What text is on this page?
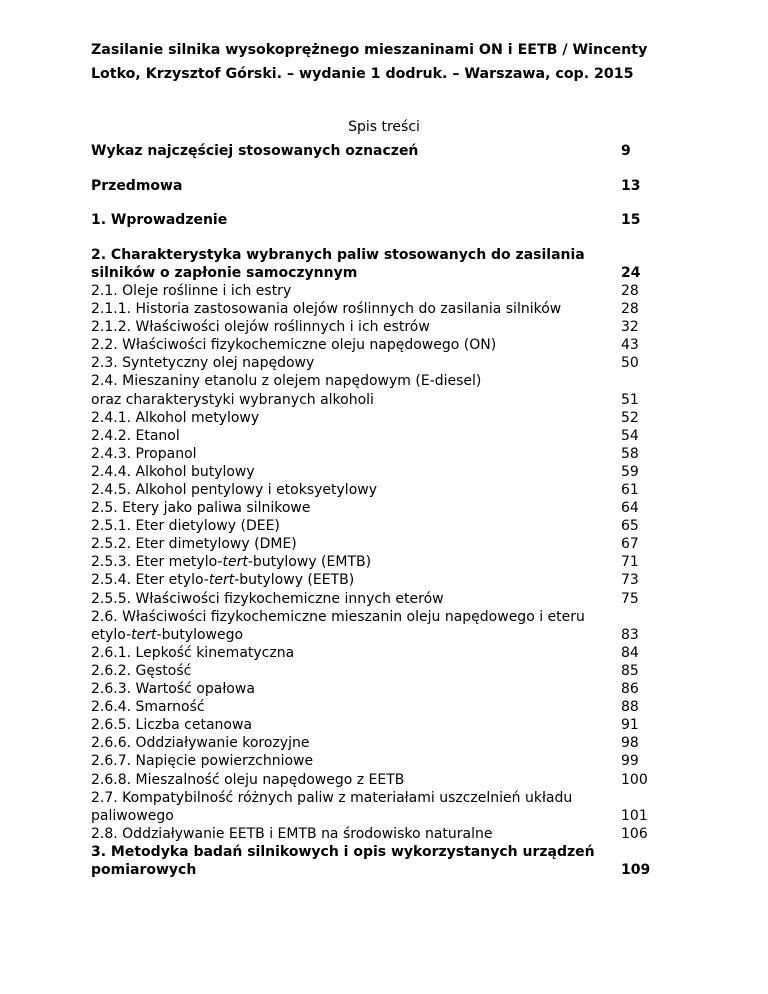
Zasilanie silnika wysokoprężnego mieszaninami ON i EETB / Wincenty
Lotko, Krzysztof Górski. – wydanie 1 dodruk. – Warszawa, cop. 2015
Spis treści
Wykaz najczęściej stosowanych oznaczeń	9
Przedmowa	13
1. Wprowadzenie	15
2. Charakterystyka wybranych paliw stosowanych do zasilania
silników o zapłonie samoczynnym	24
2.1. Oleje roślinne i ich estry	28
2.1.1. Historia zastosowania olejów roślinnych do zasilania silników	28
2.1.2. Właściwości olejów roślinnych i ich estrów	32
2.2. Właściwości fizykochemiczne oleju napędowego (ON)	43
2.3. Syntetyczny olej napędowy	50
2.4. Mieszaniny etanolu z olejem napędowym (E-diesel)
oraz charakterystyki wybranych alkoholi	51
2.4.1. Alkohol metylowy	52
2.4.2. Etanol	54
2.4.3. Propanol	58
2.4.4. Alkohol butylowy	59
2.4.5. Alkohol pentylowy i etoksyetylowy	61
2.5. Etery jako paliwa silnikowe	64
2.5.1. Eter dietylowy (DEE)	65
2.5.2. Eter dimetylowy (DME)	67
2.5.3. Eter metylo-tert-butylowy (EMTB)	71
2.5.4. Eter etylo-tert-butylowy (EETB)	73
2.5.5. Właściwości fizykochemiczne innych eterów	75
2.6. Właściwości fizykochemiczne mieszanin oleju napędowego i eteru
etylo-tert-butylowego	83
2.6.1. Lepkość kinematyczna	84
2.6.2. Gęstość	85
2.6.3. Wartość opałowa	86
2.6.4. Smarność	88
2.6.5. Liczba cetanowa	91
2.6.6. Oddziaływanie korozyjne	98
2.6.7. Napięcie powierzchniowe	99
2.6.8. Mieszalność oleju napędowego z EETB	100
2.7. Kompatybilność różnych paliw z materiałami uszczelnień układu
paliwowego	101
2.8. Oddziaływanie EETB i EMTB na środowisko naturalne	106
3. Metodyka badań silnikowych i opis wykorzystanych urządzeń
pomiarowych	109
